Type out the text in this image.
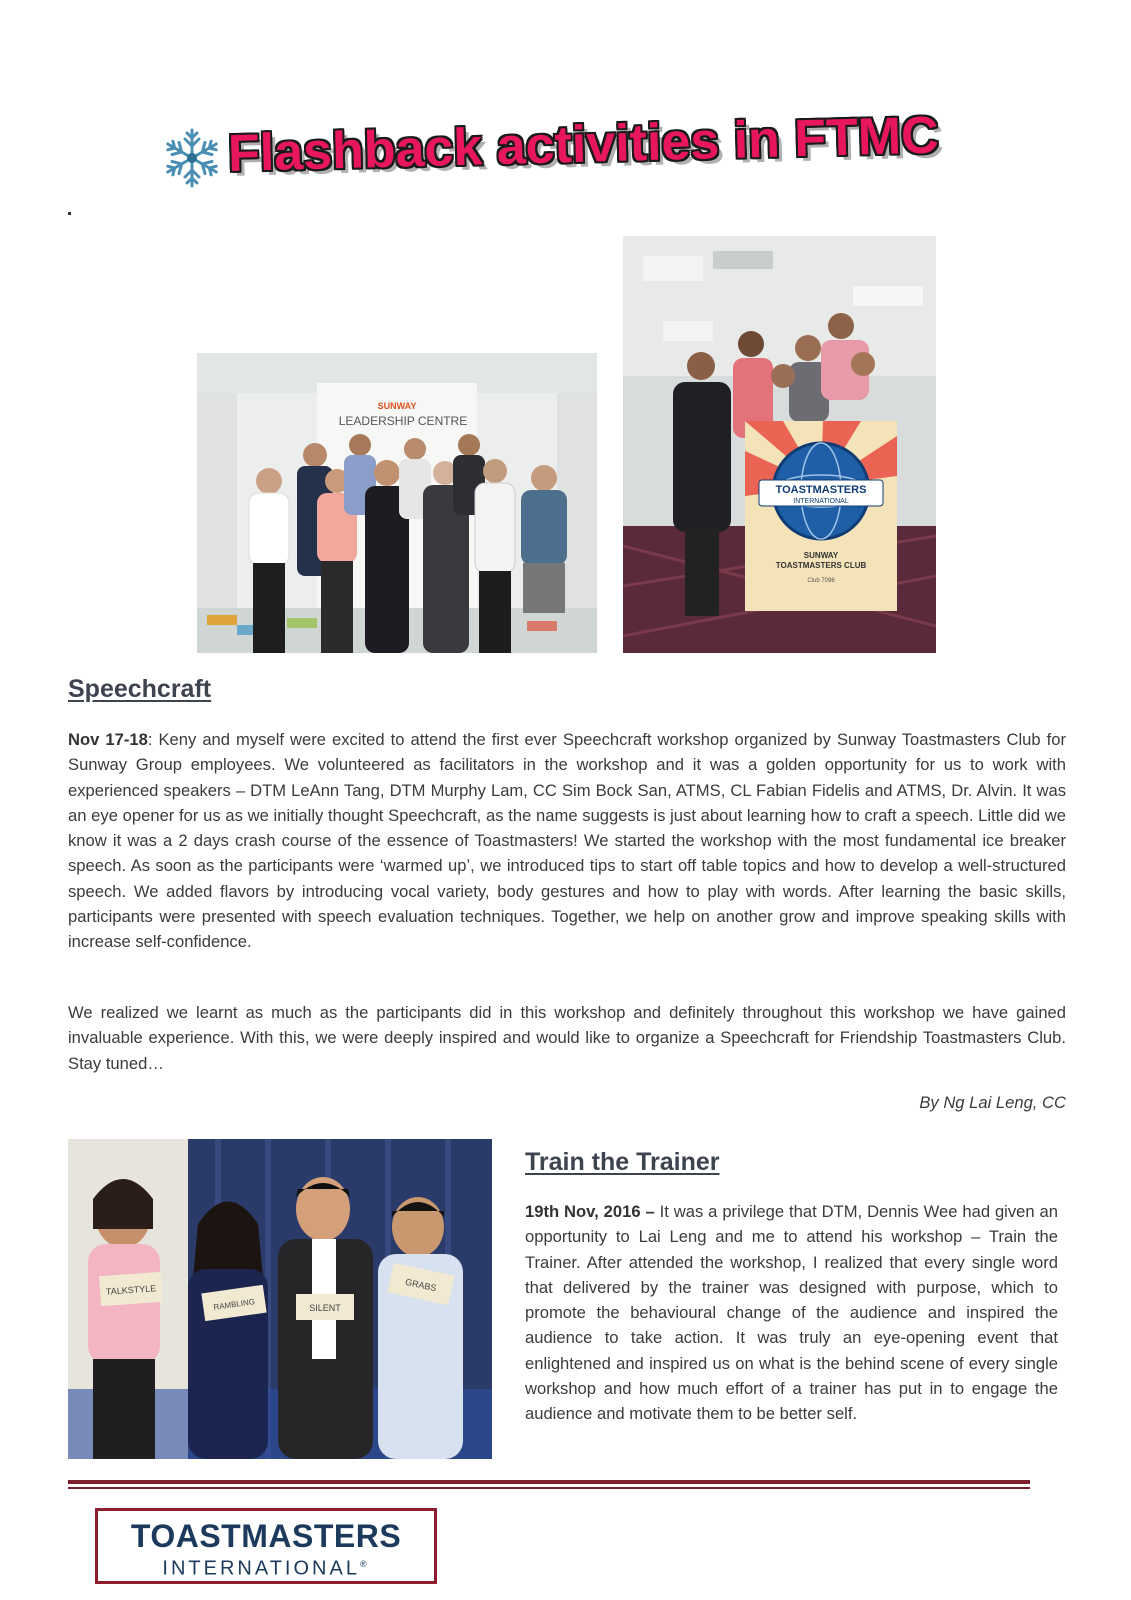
Flashback activities in FTMC
SUNWAY
LEADERSHIP CENTRE
TOASTMASTERS
INTERNATIONAL
SUNWAY
TOASTMASTERS CLUB
Club 7096
Speechcraft

Nov 17-18: Keny and myself were excited to attend the first ever Speechcraft workshop organized by Sunway Toastmasters Club for Sunway Group employees. We volunteered as facilitators in the workshop and it was a golden opportunity for us to work with experienced speakers – DTM LeAnn Tang, DTM Murphy Lam, CC Sim Bock San, ATMS, CL Fabian Fidelis and ATMS, Dr. Alvin. It was an eye opener for us as we initially thought Speechcraft, as the name suggests is just about learning how to craft a speech. Little did we know it was a 2 days crash course of the essence of Toastmasters! We started the workshop with the most fundamental ice breaker speech. As soon as the participants were ‘warmed up’, we introduced tips to start off table topics and how to develop a well-structured speech. We added flavors by introducing vocal variety, body gestures and how to play with words. After learning the basic skills, participants were presented with speech evaluation techniques. Together, we help on another grow and improve speaking skills with increase self-confidence.

We realized we learnt as much as the participants did in this workshop and definitely throughout this workshop we have gained invaluable experience. With this, we were deeply inspired and would like to organize a Speechcraft for Friendship Toastmasters Club. Stay tuned…

By Ng Lai Leng, CC
TALKSTYLE
RAMBLING	SILENT
GRABS
Train the Trainer

19th Nov, 2016 – It was a privilege that DTM, Dennis Wee had given an opportunity to Lai Leng and me to attend his workshop – Train the Trainer. After attended the workshop, I realized that every single word that delivered by the trainer was designed with purpose, which to promote the behavioural change of the audience and inspired the audience to take action. It was truly an eye-opening event that enlightened and inspired us on what is the behind scene of every single workshop and how much effort of a trainer has put in to engage the audience and motivate them to be better self.

TOASTMASTERS
INTERNATIONAL®
